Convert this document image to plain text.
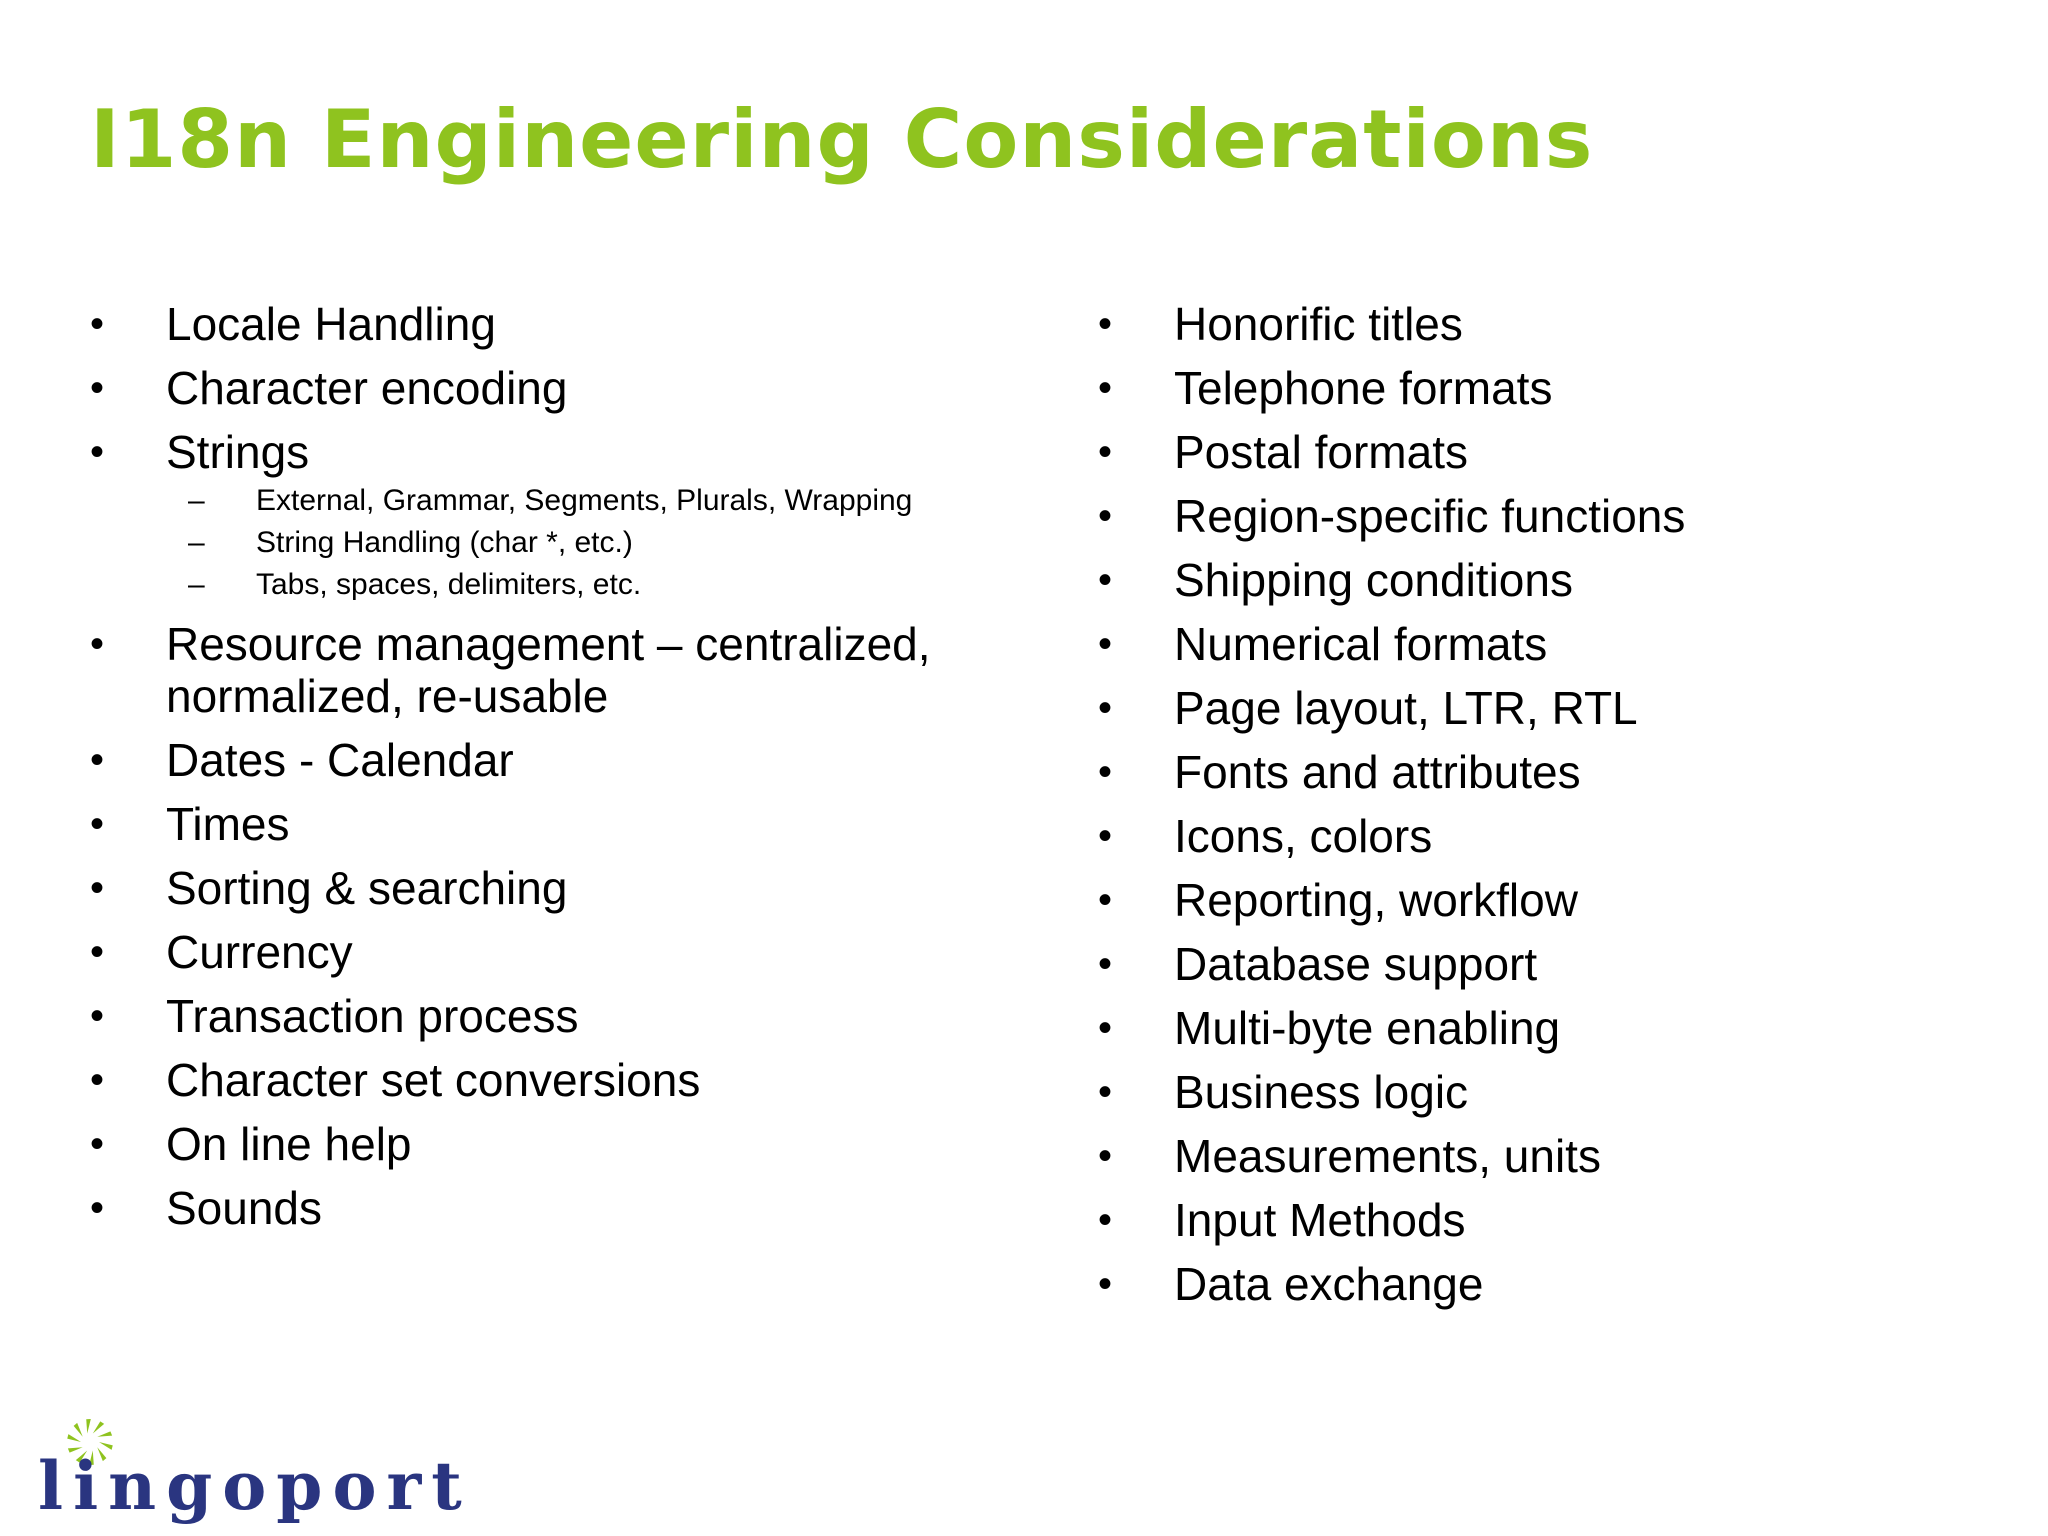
I18n Engineering Considerations
•	Locale Handling
•	Character encoding
•	Strings
– External, Grammar, Segments, Plurals, Wrapping
– String Handling (char *, etc.)
– Tabs, spaces, delimiters, etc.
•	Resource management – centralized, normalized, re-usable
•	Dates - Calendar
•	Times
•	Sorting & searching
•	Currency
•	Transaction process
•	Character set conversions
•	On line help
•	Sounds
•	Honorific titles
•	Telephone formats
•	Postal formats
•	Region-specific functions
•	Shipping conditions
•	Numerical formats
•	Page layout, LTR, RTL
•	Fonts and attributes
•	Icons, colors
•	Reporting, workflow
•	Database support
•	Multi-byte enabling
•	Business logic
•	Measurements, units
•	Input Methods
•	Data exchange
lingoport
